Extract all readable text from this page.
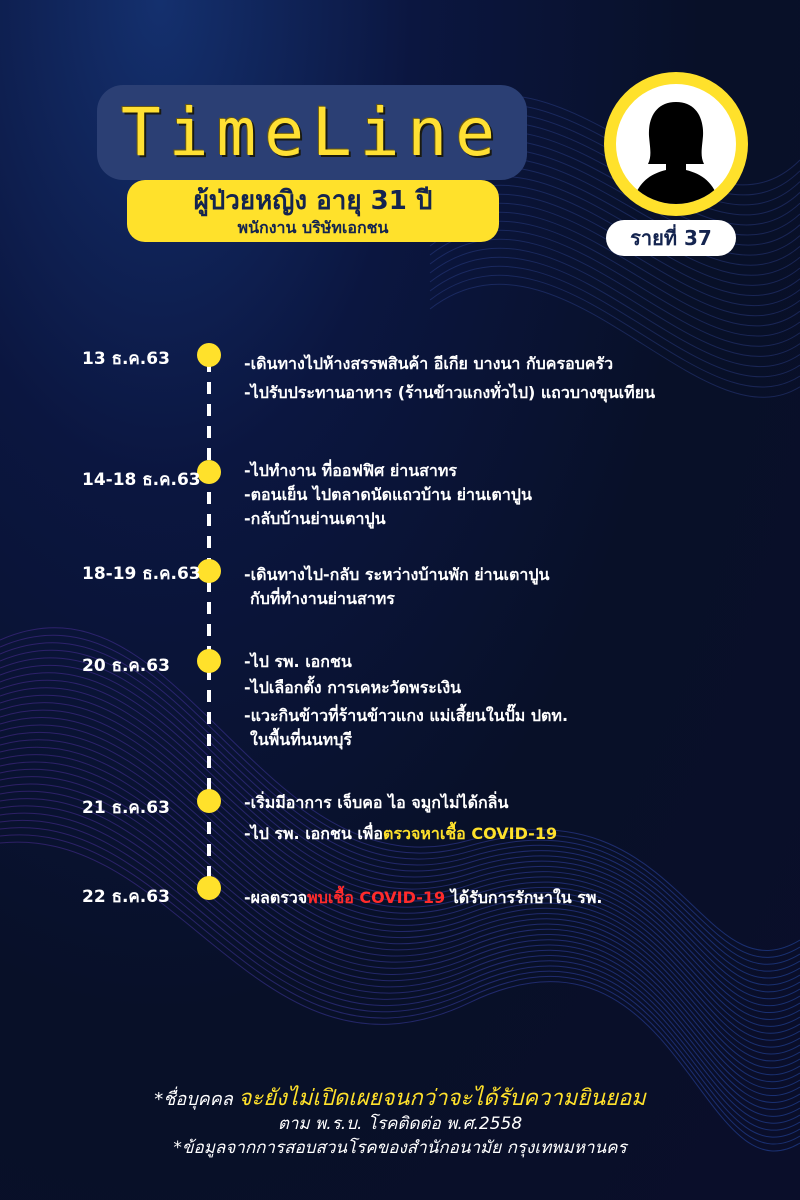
TimeLine
ผู้ป่วยหญิง อายุ 31 ปี
พนักงาน บริษัทเอกชน	รายที่ 37
13 ธ.ค.63	-เดินทางไปห้างสรรพสินค้า อีเกีย บางนา กับครอบครัว
-ไปรับประทานอาหาร (ร้านข้าวแกงทั่วไป) แถวบางขุนเทียน
14-18 ธ.ค.63	-ไปทำงาน ที่ออฟฟิศ ย่านสาทร
-ตอนเย็น ไปตลาดนัดแถวบ้าน ย่านเตาปูน
-กลับบ้านย่านเตาปูน
18-19 ธ.ค.63	-เดินทางไป-กลับ ระหว่างบ้านพัก ย่านเตาปูน
กับที่ทำงานย่านสาทร
20 ธ.ค.63	-ไป รพ. เอกชน
-ไปเลือกตั้ง การเคหะวัดพระเงิน
-แวะกินข้าวที่ร้านข้าวแกง แม่เสี้ยนในปั๊ม ปตท.
ในพื้นที่นนทบุรี
21 ธ.ค.63	-เริ่มมีอาการ เจ็บคอ ไอ จมูกไม่ได้กลิ่น
-ไป รพ. เอกชน เพื่อตรวจหาเชื้อ COVID-19
22 ธ.ค.63	-ผลตรวจพบเชื้อ COVID-19 ได้รับการรักษาใน รพ.
*ชื่อบุคคล จะยังไม่เปิดเผยจนกว่าจะได้รับความยินยอม
ตาม พ.ร.บ. โรคติดต่อ พ.ศ.2558
*ข้อมูลจากการสอบสวนโรคของสำนักอนามัย กรุงเทพมหานคร
